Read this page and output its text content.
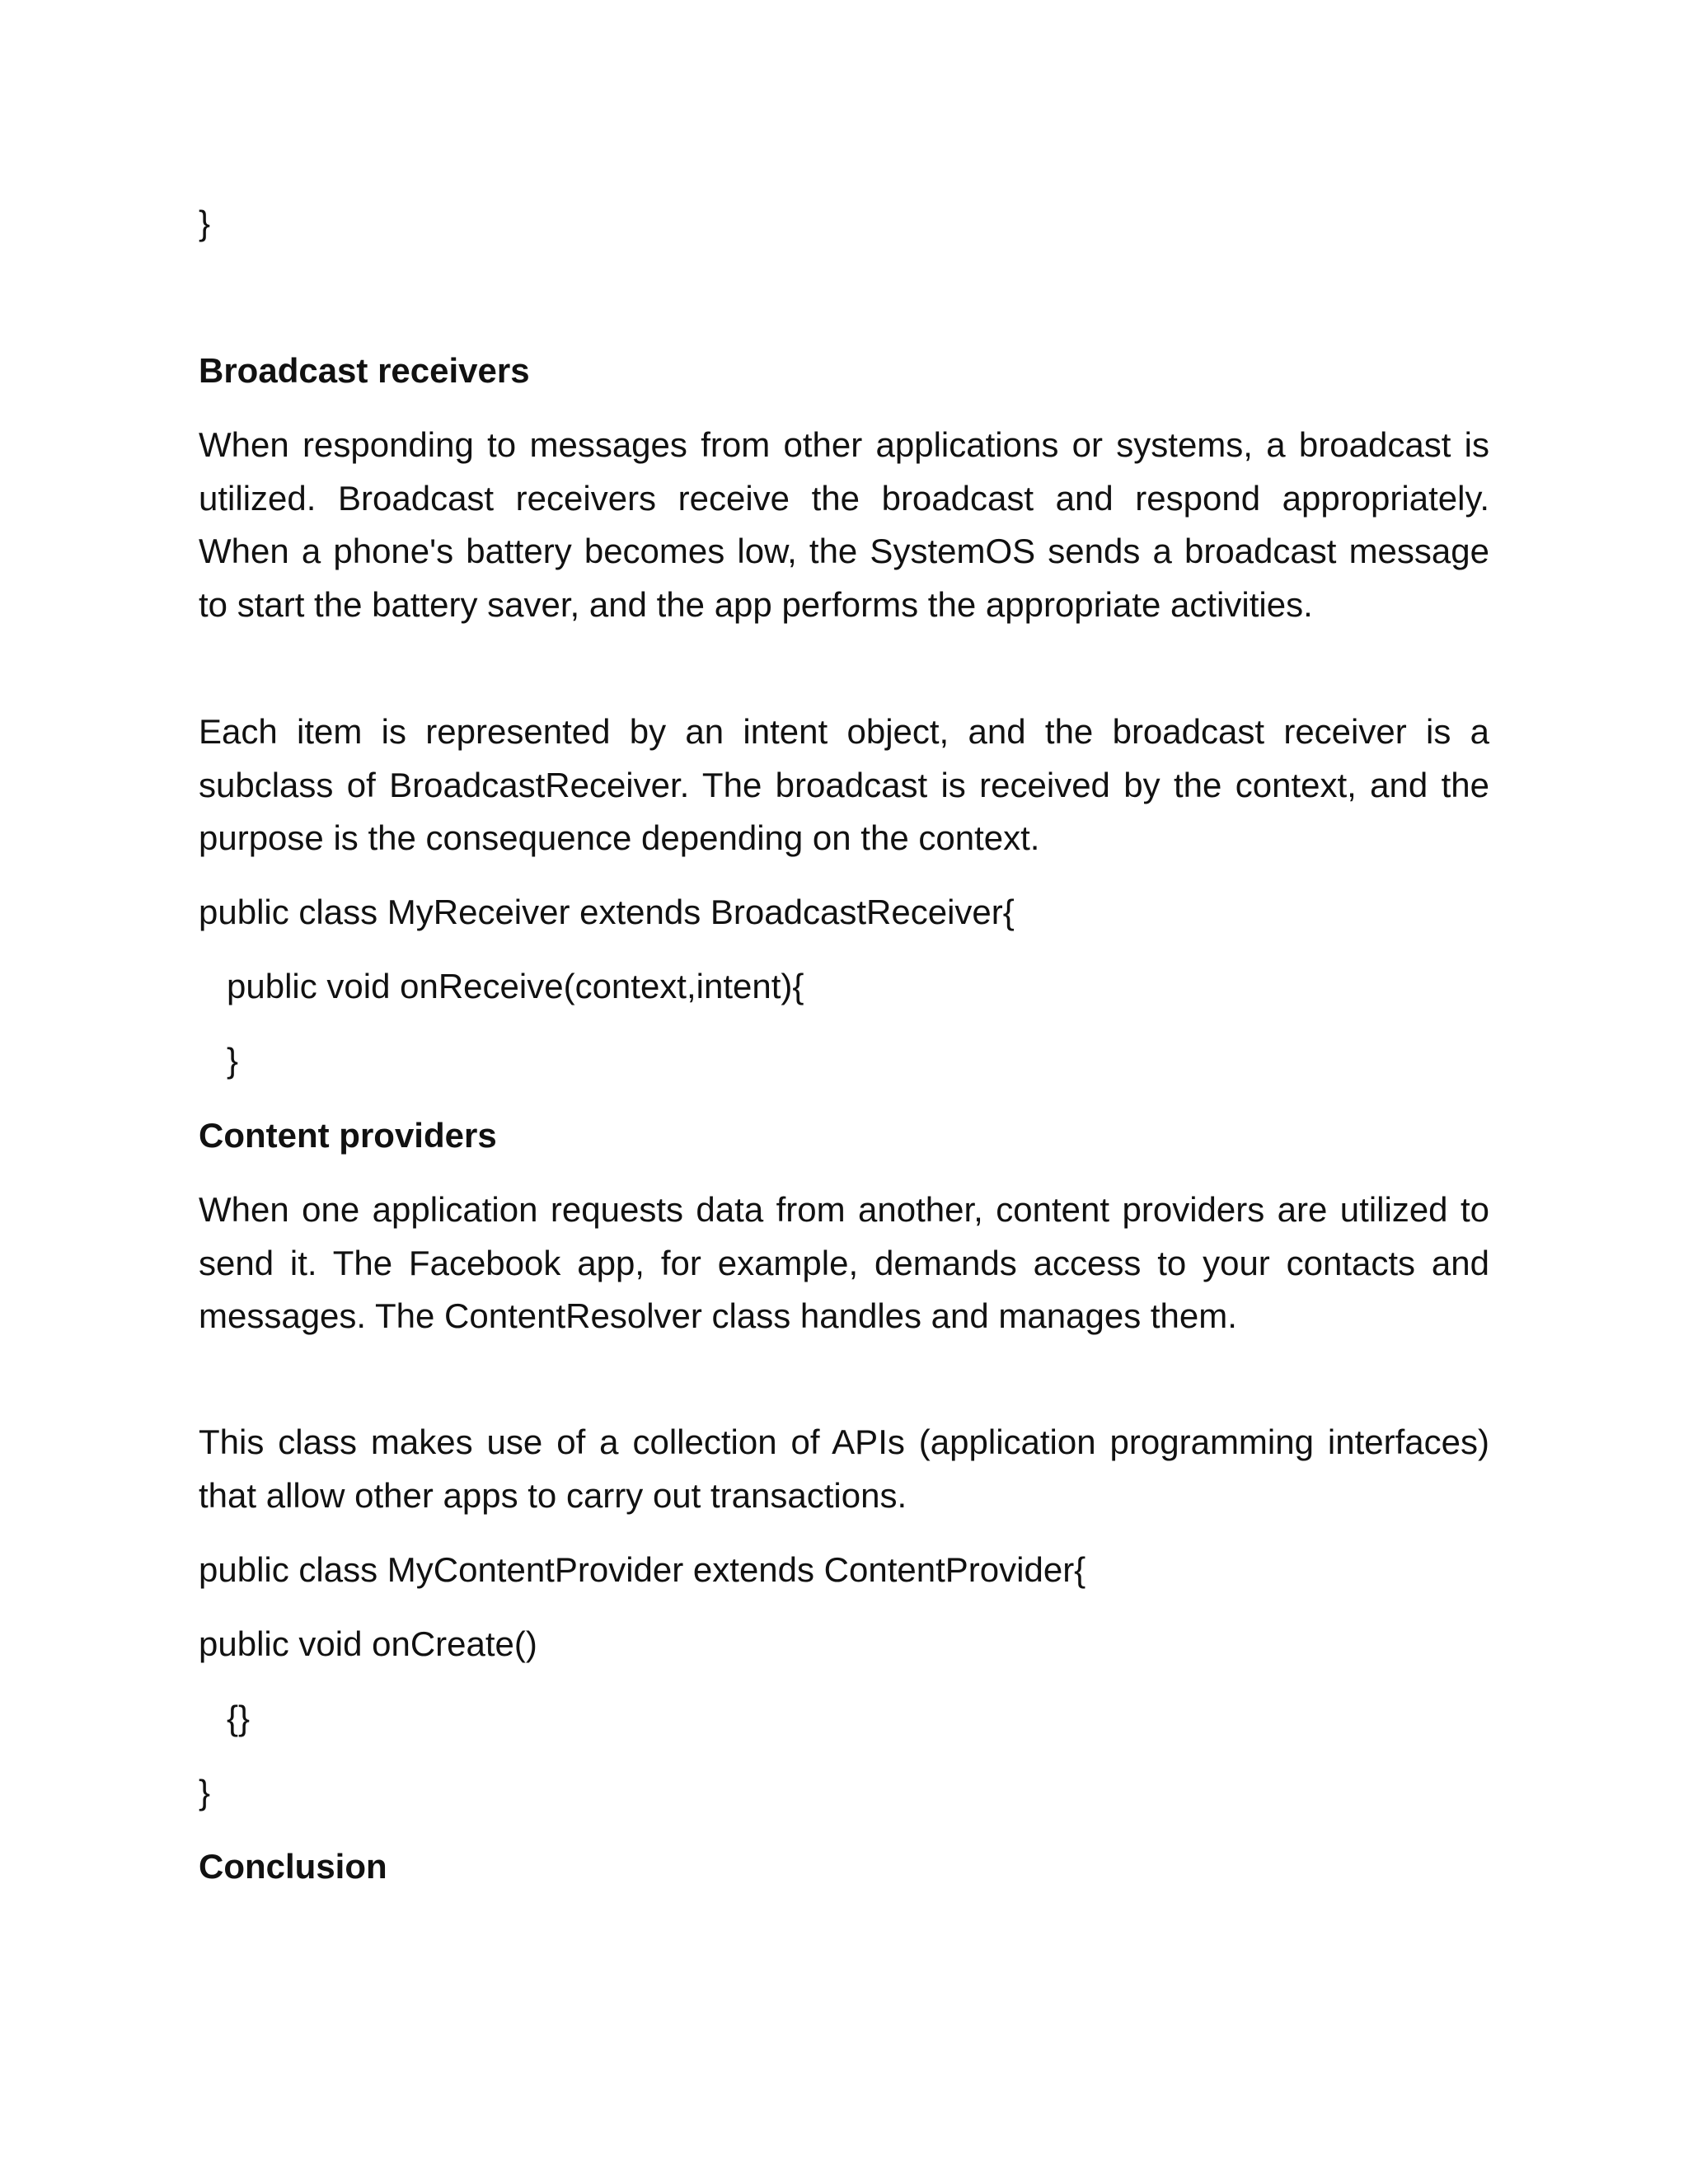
}
Broadcast receivers
When responding to messages from other applications or systems, a broadcast is utilized. Broadcast receivers receive the broadcast and respond appropriately. When a phone's battery becomes low, the SystemOS sends a broadcast message to start the battery saver, and the app performs the appropriate activities.
Each item is represented by an intent object, and the broadcast receiver is a subclass of BroadcastReceiver. The broadcast is received by the context, and the purpose is the consequence depending on the context.
public class MyReceiver extends BroadcastReceiver{
public void onReceive(context,intent){
}
Content providers
When one application requests data from another, content providers are utilized to send it. The Facebook app, for example, demands access to your contacts and messages. The ContentResolver class handles and manages them.
This class makes use of a collection of APIs (application programming interfaces) that allow other apps to carry out transactions.
public class MyContentProvider extends ContentProvider{
public void onCreate()
{}
}
Conclusion
